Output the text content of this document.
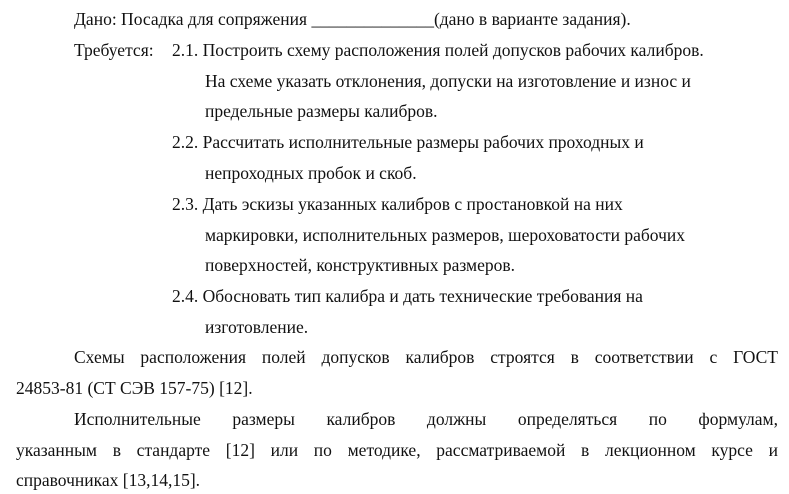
Дано: Посадка для сопряжения ______________(дано в варианте задания).
Требуется: 2.1. Построить схему расположения полей допусков рабочих калибров.
На схеме указать отклонения, допуски на изготовление и износ и
предельные размеры калибров.
2.2. Рассчитать исполнительные размеры рабочих проходных и
непроходных пробок и скоб.
2.3. Дать эскизы указанных калибров с простановкой на них
маркировки, исполнительных размеров, шероховатости рабочих
поверхностей, конструктивных размеров.
2.4. Обосновать тип калибра и дать технические требования на
изготовление.
Схемы расположения полей допусков калибров строятся в соответствии с ГОСТ
24853-81 (СТ СЭВ 157-75) [12].
Исполнительные размеры калибров должны определяться по формулам,
указанным в стандарте [12] или по методике, рассматриваемой в лекционном курсе и
справочниках [13,14,15].
